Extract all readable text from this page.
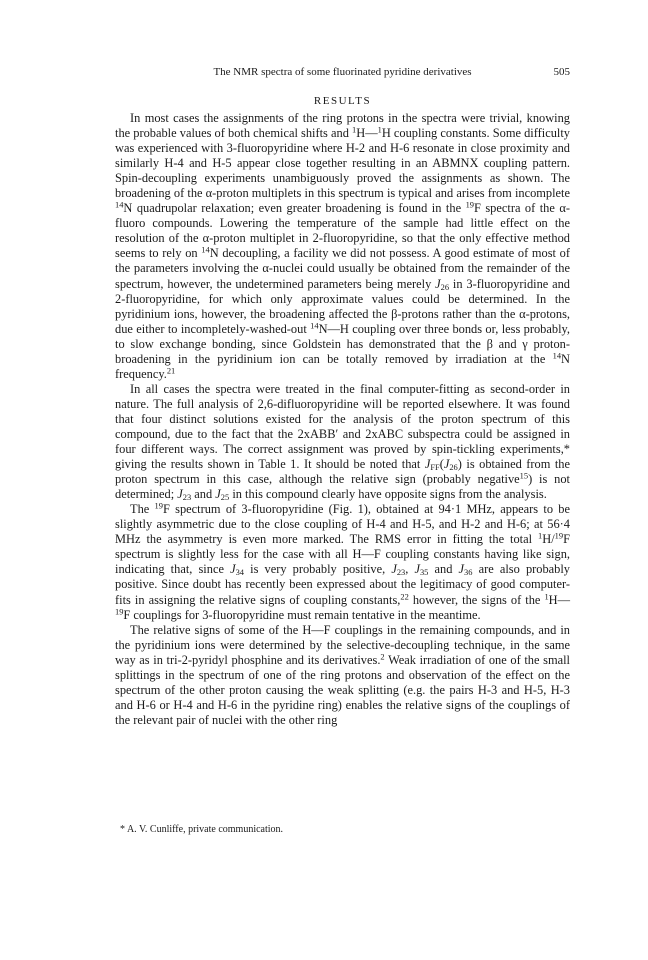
The NMR spectra of some fluorinated pyridine derivatives	505
RESULTS

In most cases the assignments of the ring protons in the spectra were trivial, knowing the probable values of both chemical shifts and $^1$H—$^1$H coupling constants. Some difficulty was experienced with 3-fluoropyridine where H-2 and H-6 resonate in close proximity and similarly H-4 and H-5 appear close together resulting in an ABMNX coupling pattern. Spin-decoupling experiments unambiguously proved the assignments as shown. The broadening of the α-proton multiplets in this spectrum is typical and arises from incomplete $^{14}$N quadrupolar relaxation; even greater broadening is found in the $^{19}$F spectra of the α-fluoro compounds. Lowering the temperature of the sample had little effect on the resolution of the α-proton multiplet in 2-fluoropyridine, so that the only effective method seems to rely on $^{14}$N decoupling, a facility we did not possess. A good estimate of most of the parameters involving the α-nuclei could usually be obtained from the remainder of the spectrum, however, the undetermined parameters being merely $J_{26}$ in 3-fluoropyridine and 2-fluoropyridine, for which only approximate values could be determined. In the pyridinium ions, however, the broadening affected the β-protons rather than the α-protons, due either to incompletely-washed-out $^{14}$N—H coupling over three bonds or, less probably, to slow exchange bonding, since Goldstein has demonstrated that the β and γ proton-broadening in the pyridinium ion can be totally removed by irradiation at the $^{14}$N frequency.$^{21}$

In all cases the spectra were treated in the final computer-fitting as second-order in nature. The full analysis of 2,6-difluoropyridine will be reported elsewhere. It was found that four distinct solutions existed for the analysis of the proton spectrum of this compound, due to the fact that the 2xABB′ and 2xABC subspectra could be assigned in four different ways. The correct assignment was proved by spin-tickling experiments,* giving the results shown in Table 1. It should be noted that $J_{FF}(J_{26})$ is obtained from the proton spectrum in this case, although the relative sign (probably negative$^{15}$) is not determined; $J_{23}$ and $J_{25}$ in this compound clearly have opposite signs from the analysis.

The $^{19}$F spectrum of 3-fluoropyridine (Fig. 1), obtained at 94·1 MHz, appears to be slightly asymmetric due to the close coupling of H-4 and H-5, and H-2 and H-6; at 56·4 MHz the asymmetry is even more marked. The RMS error in fitting the total $^1$H/$^{19}$F spectrum is slightly less for the case with all H—F coupling constants having like sign, indicating that, since $J_{34}$ is very probably positive, $J_{23}$, $J_{35}$ and $J_{36}$ are also probably positive. Since doubt has recently been expressed about the legitimacy of good computer-fits in assigning the relative signs of coupling constants,$^{22}$ however, the signs of the $^1$H—$^{19}$F couplings for 3-fluoropyridine must remain tentative in the meantime.

The relative signs of some of the H—F couplings in the remaining compounds, and in the pyridinium ions were determined by the selective-decoupling technique, in the same way as in tri-2-pyridyl phosphine and its derivatives.$^2$ Weak irradiation of one of the small splittings in the spectrum of one of the ring protons and observation of the effect on the spectrum of the other proton causing the weak splitting (e.g. the pairs H-3 and H-5, H-3 and H-6 or H-4 and H-6 in the pyridine ring) enables the relative signs of the couplings of the relevant pair of nuclei with the other ring

* A. V. Cunliffe, private communication.
